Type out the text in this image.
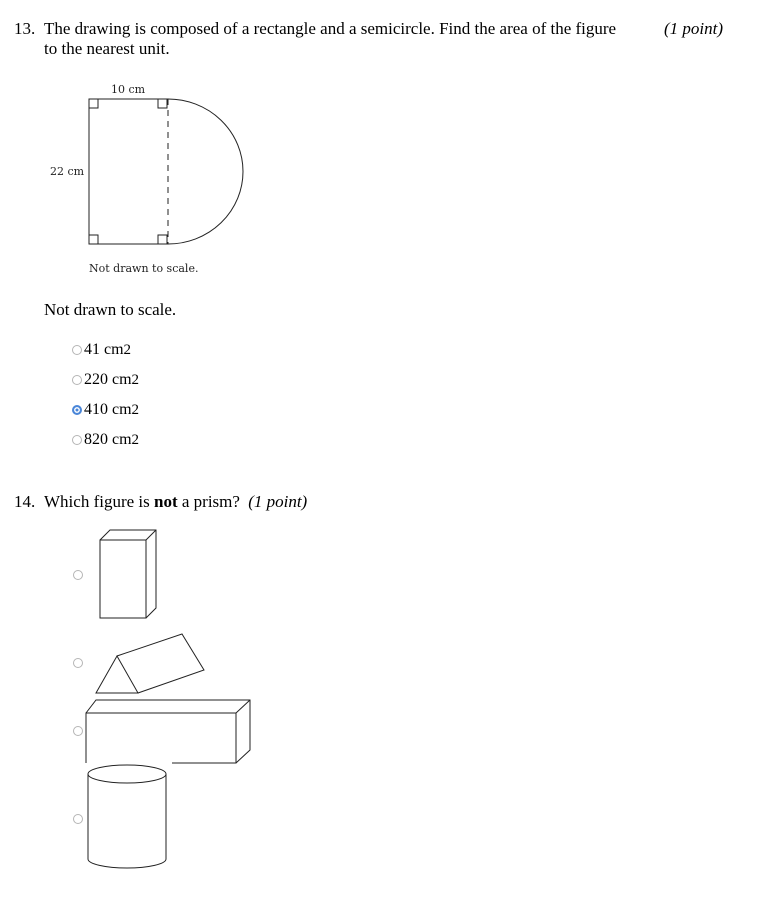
13. The drawing is composed of a rectangle and a semicircle. Find the area of the figure	(1 point)
to the nearest unit.
10 cm
22 cm
Not drawn to scale.
Not drawn to scale.
41 cm 2
220 cm 2
410 cm 2
820 cm 2
14. Which figure is not a prism? (1 point)
